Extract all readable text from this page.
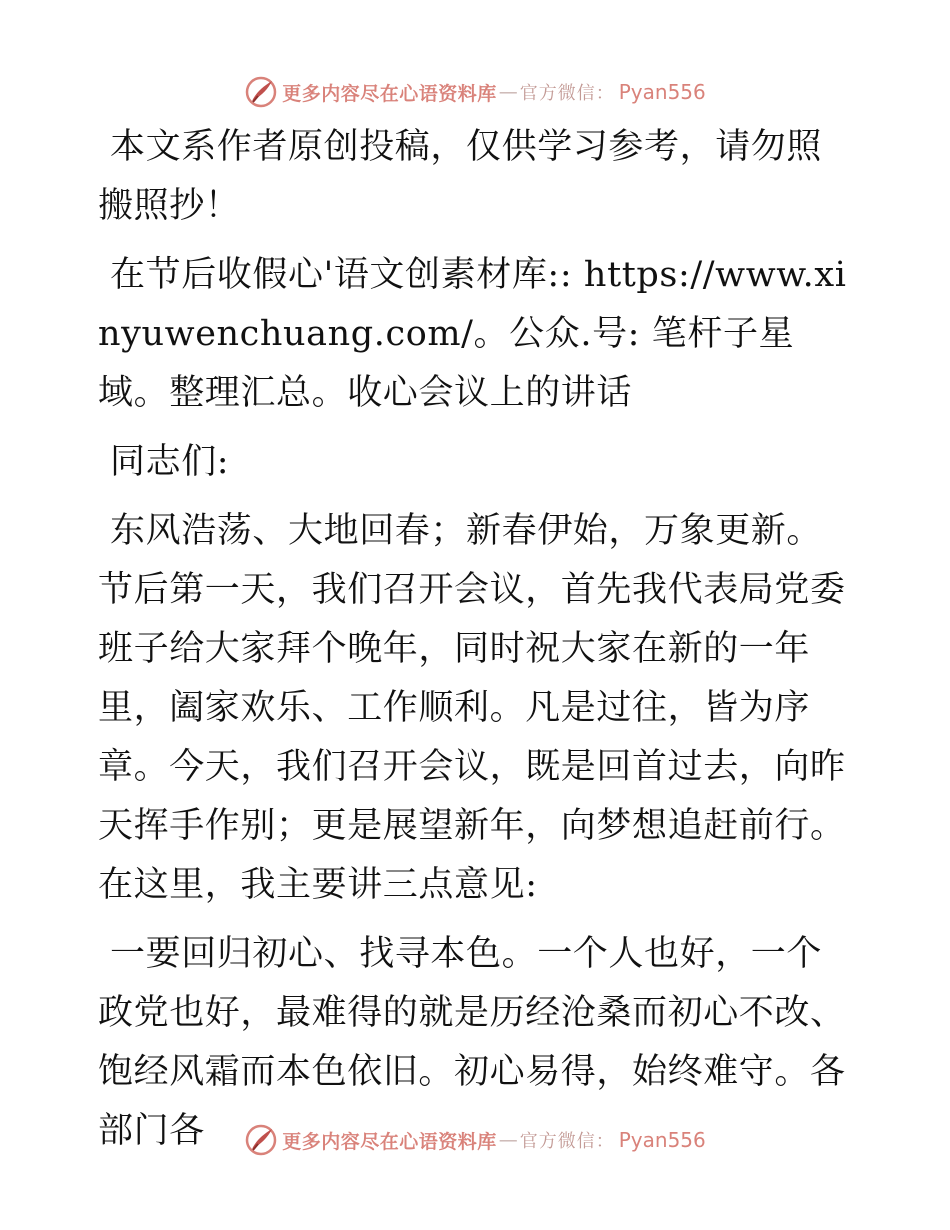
更多内容尽在心语资料库 — 官方微信： Pyan556

本文系作者原创投稿，仅供学习参考，请勿照搬照抄！

在节后收假心'语文创素材库:: https://www.xinyuwenchuang.com/。公众.号: 笔杆子星域。整理汇总。收心会议上的讲话

同志们:

东风浩荡、大地回春；新春伊始，万象更新。节后第一天，我们召开会议，首先我代表局党委班子给大家拜个晚年，同时祝大家在新的一年里，阖家欢乐、工作顺利。凡是过往，皆为序章。今天，我们召开会议，既是回首过去，向昨天挥手作别；更是展望新年，向梦想追赶前行。在这里，我主要讲三点意见:

一要回归初心、找寻本色。一个人也好，一个政党也好，最难得的就是历经沧桑而初心不改、饱经风霜而本色依旧。初心易得，始终难守。各部门各	更多内容尽在心语资料库 — 官方微信： Pyan556
